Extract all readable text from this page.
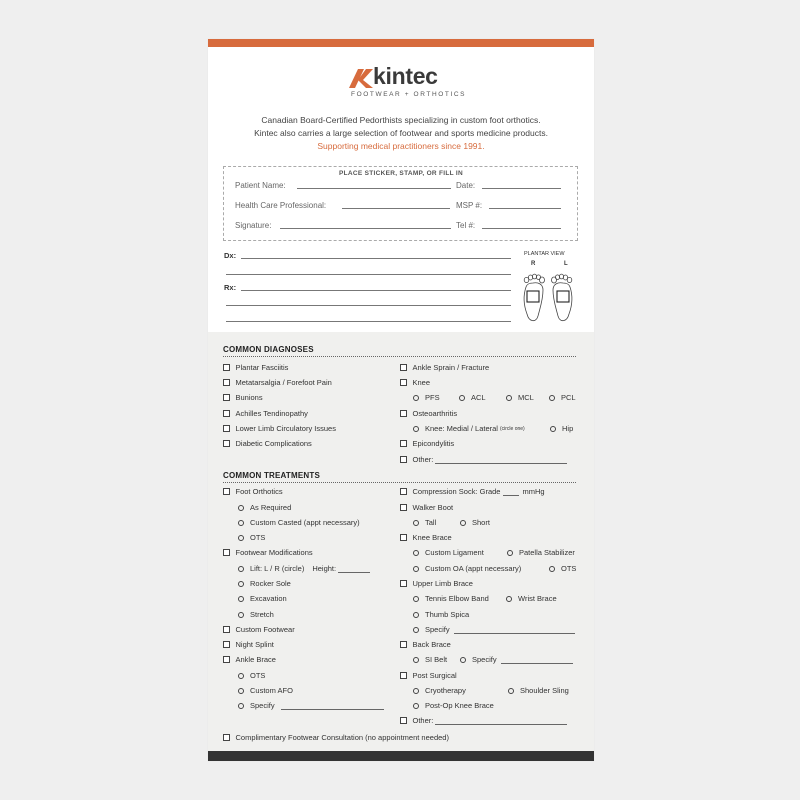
kintec
FOOTWEAR + ORTHOTICS
Canadian Board-Certified Pedorthists specializing in custom foot orthotics.
Kintec also carries a large selection of footwear and sports medicine products.
Supporting medical practitioners since 1991.
PLACE STICKER, STAMP, OR FILL IN
Patient Name:	Date:
Health Care Professional:	MSP #:
Signature:	Tel #:
Dx:
Rx:
PLANTAR VIEW
R	L
COMMON DIAGNOSES
Plantar Fasciitis
Metatarsalgia / Forefoot Pain
Bunions
Achilles Tendinopathy
Lower Limb Circulatory Issues
Diabetic Complications
Ankle Sprain / Fracture
Knee
PFS	ACL	MCL	PCL
Osteoarthritis
Knee: Medial / Lateral (circle one)	Hip
Epicondylitis
Other:
COMMON TREATMENTS
Foot Orthotics
As Required
Custom Casted (appt necessary)
OTS
Footwear Modifications
Lift: L / R (circle) Height:
Rocker Sole
Excavation
Stretch
Custom Footwear
Night Splint
Ankle Brace
OTS
Custom AFO
Specify
Compression Sock: Grade	mmHg
Walker Boot
Tall	Short
Knee Brace
Custom Ligament	Patella Stabilizer
Custom OA (appt necessary)	OTS
Upper Limb Brace
Tennis Elbow Band	Wrist Brace
Thumb Spica
Specify
Back Brace
SI Belt	Specify
Post Surgical
Cryotherapy	Shoulder Sling
Post-Op Knee Brace
Other:
Complimentary Footwear Consultation (no appointment needed)
